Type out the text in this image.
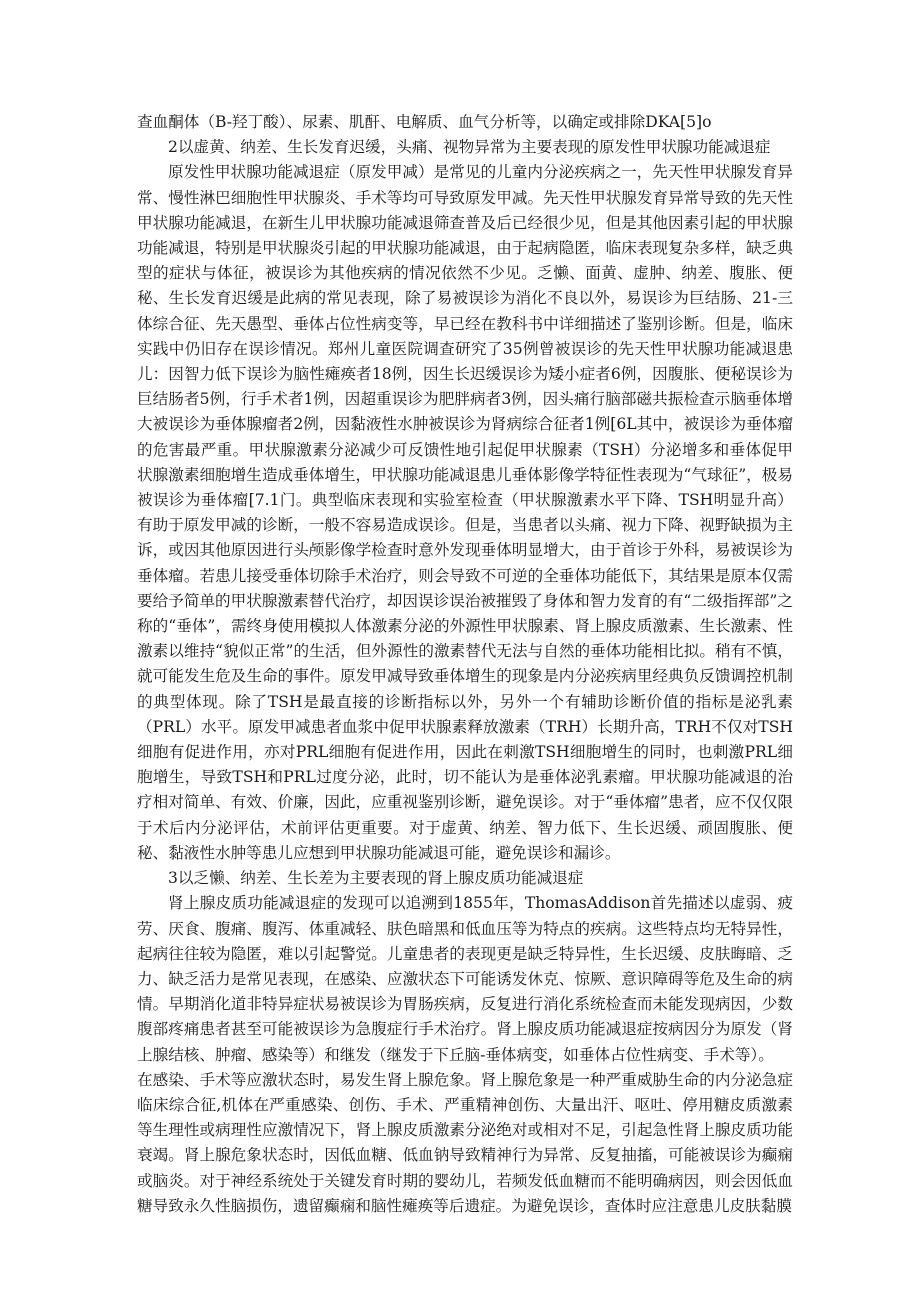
查血酮体（B-羟丁酸）、尿素、肌酐、电解质、血气分析等，以确定或排除DKA[5]o

2以虚黄、纳差、生长发育迟缓，头痛、视物异常为主要表现的原发性甲状腺功能减退症

原发性甲状腺功能减退症（原发甲减）是常见的儿童内分泌疾病之一，先天性甲状腺发育异常、慢性淋巴细胞性甲状腺炎、手术等均可导致原发甲减。先天性甲状腺发育异常导致的先天性甲状腺功能减退，在新生儿甲状腺功能减退筛查普及后已经很少见，但是其他因素引起的甲状腺功能减退，特别是甲状腺炎引起的甲状腺功能减退，由于起病隐匿，临床表现复杂多样，缺乏典型的症状与体征，被误诊为其他疾病的情况依然不少见。乏懒、面黄、虚肿、纳差、腹胀、便秘、生长发育迟缓是此病的常见表现，除了易被误诊为消化不良以外，易误诊为巨结肠、21-三体综合征、先天愚型、垂体占位性病变等，早已经在教科书中详细描述了鉴别诊断。但是，临床实践中仍旧存在误诊情况。郑州儿童医院调查研究了35例曾被误诊的先天性甲状腺功能减退患儿：因智力低下误诊为脑性瘫痪者18例，因生长迟缓误诊为矮小症者6例，因腹胀、便秘误诊为巨结肠者5例，行手术者1例，因超重误诊为肥胖病者3例，因头痛行脑部磁共振检查示脑垂体增大被误诊为垂体腺瘤者2例，因黏液性水肿被误诊为肾病综合征者1例[6L其中，被误诊为垂体瘤的危害最严重。甲状腺激素分泌减少可反馈性地引起促甲状腺素（TSH）分泌增多和垂体促甲状腺激素细胞增生造成垂体增生，甲状腺功能减退患儿垂体影像学特征性表现为“气球征”，极易被误诊为垂体瘤[7.1门。典型临床表现和实验室检查（甲状腺激素水平下降、TSH明显升高）有助于原发甲减的诊断，一般不容易造成误诊。但是，当患者以头痛、视力下降、视野缺损为主诉，或因其他原因进行头颅影像学检查时意外发现垂体明显增大，由于首诊于外科，易被误诊为垂体瘤。若患儿接受垂体切除手术治疗，则会导致不可逆的全垂体功能低下，其结果是原本仅需要给予简单的甲状腺激素替代治疗，却因误诊误治被摧毁了身体和智力发育的有“二级指挥部”之称的“垂体”，需终身使用模拟人体激素分泌的外源性甲状腺素、肾上腺皮质激素、生长激素、性激素以维持“貌似正常”的生活，但外源性的激素替代无法与自然的垂体功能相比拟。稍有不慎，就可能发生危及生命的事件。原发甲减导致垂体增生的现象是内分泌疾病里经典负反馈调控机制的典型体现。除了TSH是最直接的诊断指标以外，另外一个有辅助诊断价值的指标是泌乳素（PRL）水平。原发甲减患者血浆中促甲状腺素释放激素（TRH）长期升高，TRH不仅对TSH细胞有促进作用，亦对PRL细胞有促进作用，因此在刺激TSH细胞增生的同时，也刺激PRL细胞增生，导致TSH和PRL过度分泌，此时，切不能认为是垂体泌乳素瘤。甲状腺功能减退的治疗相对简单、有效、价廉，因此，应重视鉴别诊断，避免误诊。对于“垂体瘤”患者，应不仅仅限于术后内分泌评估，术前评估更重要。对于虚黄、纳差、智力低下、生长迟缓、顽固腹胀、便秘、黏液性水肿等患儿应想到甲状腺功能减退可能，避免误诊和漏诊。

3以乏懒、纳差、生长差为主要表现的肾上腺皮质功能减退症

肾上腺皮质功能减退症的发现可以追溯到1855年，ThomasAddison首先描述以虚弱、疲劳、厌食、腹痛、腹泻、体重减轻、肤色暗黑和低血压等为特点的疾病。这些特点均无特异性，起病往往较为隐匿，难以引起警觉。儿童患者的表现更是缺乏特异性，生长迟缓、皮肤晦暗、乏力、缺乏活力是常见表现，在感染、应激状态下可能诱发休克、惊厥、意识障碍等危及生命的病情。早期消化道非特异症状易被误诊为胃肠疾病，反复进行消化系统检查而未能发现病因，少数腹部疼痛患者甚至可能被误诊为急腹症行手术治疗。肾上腺皮质功能减退症按病因分为原发（肾上腺结核、肿瘤、感染等）和继发（继发于下丘脑-垂体病变，如垂体占位性病变、手术等）。

在感染、手术等应激状态时，易发生肾上腺危象。肾上腺危象是一种严重威胁生命的内分泌急症临床综合征,机体在严重感染、创伤、手术、严重精神创伤、大量出汗、呕吐、停用糖皮质激素等生理性或病理性应激情况下，肾上腺皮质激素分泌绝对或相对不足，引起急性肾上腺皮质功能衰竭。肾上腺危象状态时，因低血糖、低血钠导致精神行为异常、反复抽搐，可能被误诊为癫痫或脑炎。对于神经系统处于关键发育时期的婴幼儿，若频发低血糖而不能明确病因，则会因低血糖导致永久性脑损伤，遗留癫痫和脑性瘫痪等后遗症。为避免误诊，查体时应注意患儿皮肤黏膜
